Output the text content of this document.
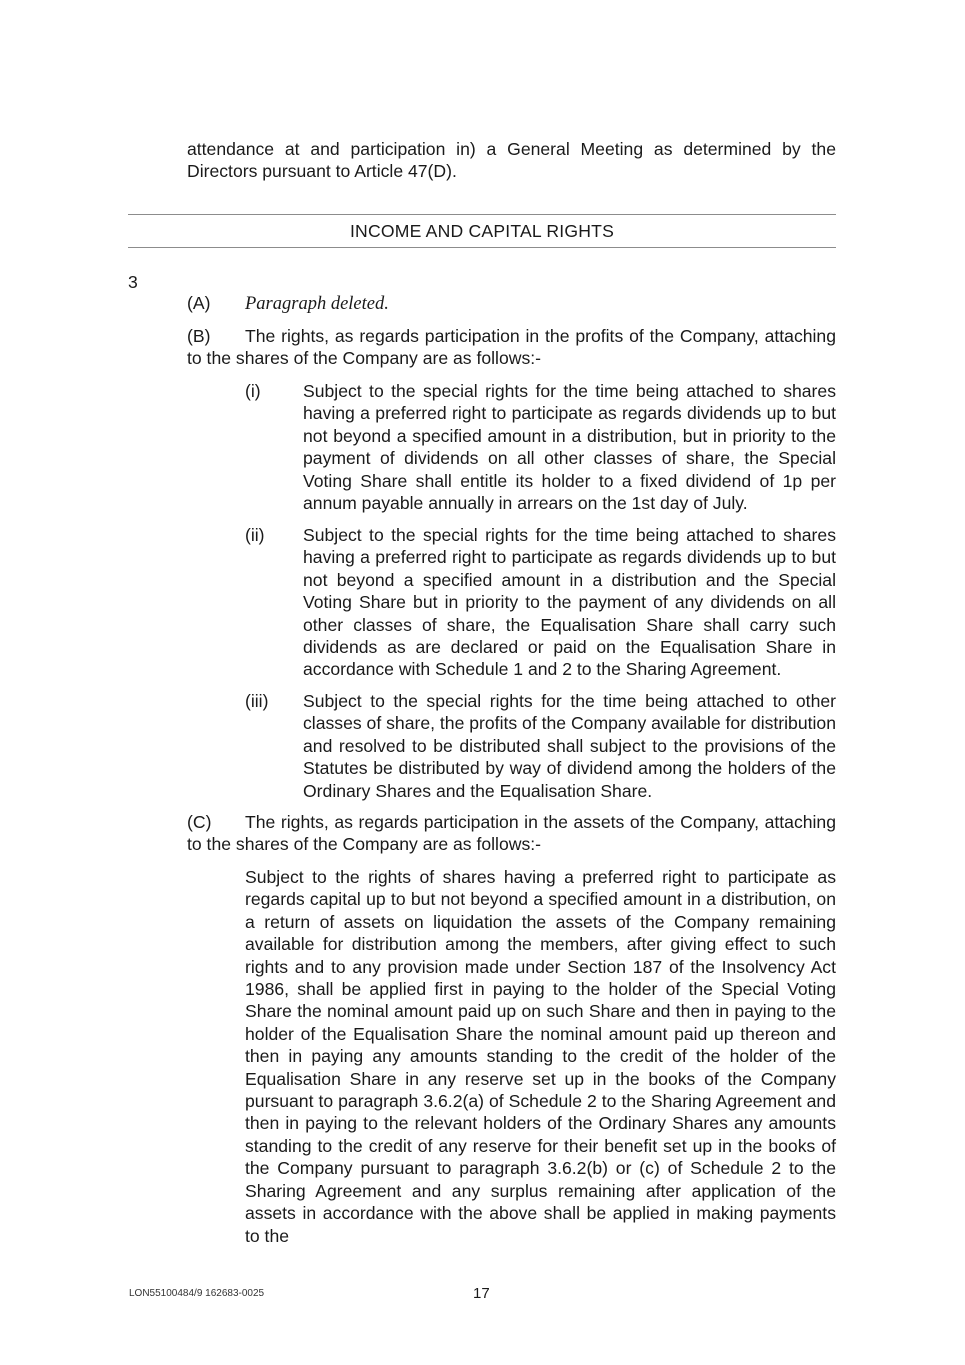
attendance at and participation in) a General Meeting as determined by the Directors pursuant to Article 47(D).

INCOME AND CAPITAL RIGHTS
3
(A) Paragraph deleted.

(B) The rights, as regards participation in the profits of the Company, attaching to the shares of the Company are as follows:-

(i)	Subject to the special rights for the time being attached to shares having a preferred right to participate as regards dividends up to but not beyond a specified amount in a distribution, but in priority to the payment of dividends on all other classes of share, the Special Voting Share shall entitle its holder to a fixed dividend of 1p per annum payable annually in arrears on the 1st day of July.

(ii)	Subject to the special rights for the time being attached to shares having a preferred right to participate as regards dividends up to but not beyond a specified amount in a distribution and the Special Voting Share but in priority to the payment of any dividends on all other classes of share, the Equalisation Share shall carry such dividends as are declared or paid on the Equalisation Share in accordance with Schedule 1 and 2 to the Sharing Agreement.

(iii)	Subject to the special rights for the time being attached to other classes of share, the profits of the Company available for distribution and resolved to be distributed shall subject to the provisions of the Statutes be distributed by way of dividend among the holders of the Ordinary Shares and the Equalisation Share.

(C) The rights, as regards participation in the assets of the Company, attaching to the shares of the Company are as follows:-

Subject to the rights of shares having a preferred right to participate as regards capital up to but not beyond a specified amount in a distribution, on a return of assets on liquidation the assets of the Company remaining available for distribution among the members, after giving effect to such rights and to any provision made under Section 187 of the Insolvency Act 1986, shall be applied first in paying to the holder of the Special Voting Share the nominal amount paid up on such Share and then in paying to the holder of the Equalisation Share the nominal amount paid up thereon and then in paying any amounts standing to the credit of the holder of the Equalisation Share in any reserve set up in the books of the Company pursuant to paragraph 3.6.2(a) of Schedule 2 to the Sharing Agreement and then in paying to the relevant holders of the Ordinary Shares any amounts standing to the credit of any reserve for their benefit set up in the books of the Company pursuant to paragraph 3.6.2(b) or (c) of Schedule 2 to the Sharing Agreement and any surplus remaining after application of the assets in accordance with the above shall be applied in making payments to the

LON55100484/9 162683-0025	17
